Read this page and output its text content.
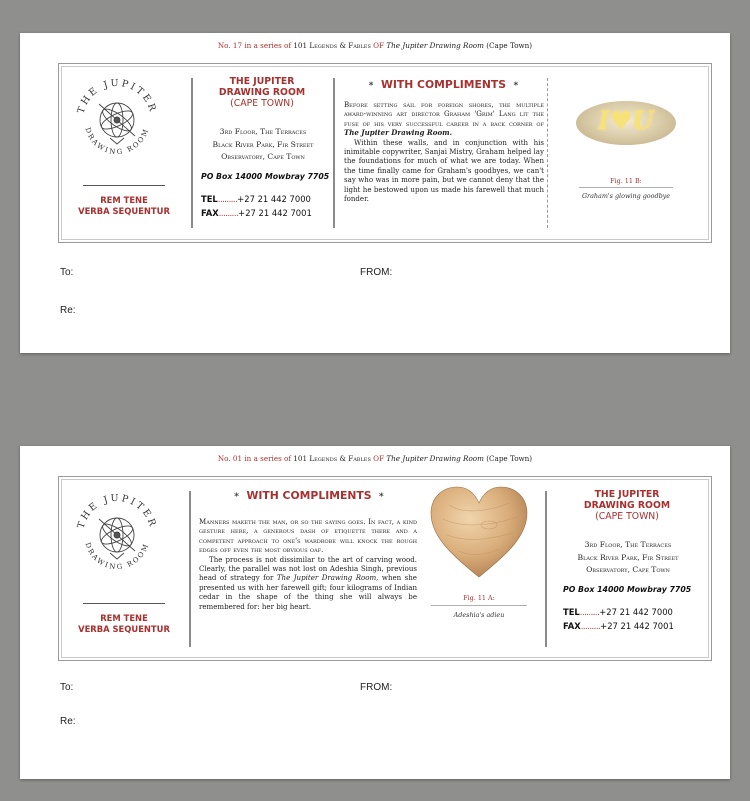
No. 17 in a series of 101 Legends & Fables OF The Jupiter Drawing Room (Cape Town)
THE JUPITER
DRAWING ROOM
REM TENE
VERBA SEQUENTUR
THE JUPITER
DRAWING ROOM
(CAPE TOWN)
3rd Floor, The Terraces
Black River Park, Fir Street
Observatory, Cape Town
PO Box 14000 Mowbray 7705
TEL.........+27 21 442 7000
FAX.........+27 21 442 7001
* WITH COMPLIMENTS *

Before setting sail for foreign shores, the multiple award-winning art director Graham 'Grim' Lang lit the fuse of his very successful career in a back corner of The Jupiter Drawing Room.

Within these walls, and in conjunction with his inimitable copywriter, Sanjai Mistry, Graham helped lay the foundations for much of what we are today. When the time finally came for Graham's goodbyes, we can't say who was in more pain, but we cannot deny that the light he bestowed upon us made his farewell that much fonder.

I♥U
Fig. 11 B:
Graham's glowing goodbye
To:	FROM:
Re:
No. 01 in a series of 101 Legends & Fables OF The Jupiter Drawing Room (Cape Town)
THE JUPITER
DRAWING ROOM
REM TENE
VERBA SEQUENTUR
* WITH COMPLIMENTS *

Manners maketh the man, or so the saying goes. In fact, a kind gesture here, a generous dash of etiquette there and a competent approach to one's wardrobe will knock the rough edges off even the most obvious oaf.

The process is not dissimilar to the art of carving wood. Clearly, the parallel was not lost on Adeshia Singh, previous head of strategy for The Jupiter Drawing Room, when she presented us with her farewell gift; four kilograms of Indian cedar in the shape of the thing she will always be remembered for: her big heart.

Fig. 11 A:
Adeshia's adieu
THE JUPITER
DRAWING ROOM
(CAPE TOWN)
3rd Floor, The Terraces
Black River Park, Fir Street
Observatory, Cape Town
PO Box 14000 Mowbray 7705
TEL.........+27 21 442 7000
FAX.........+27 21 442 7001
To:	FROM:
Re:
